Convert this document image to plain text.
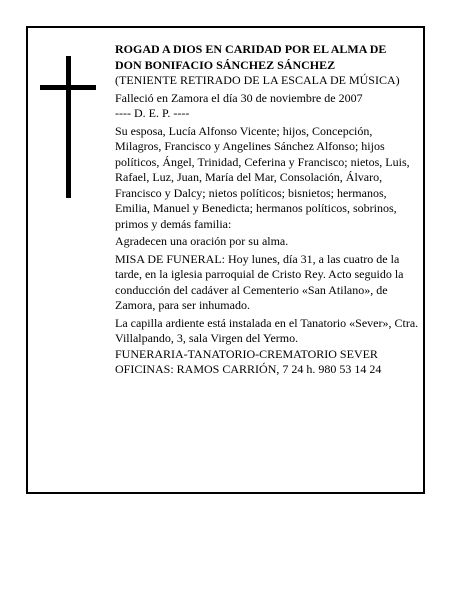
ROGAD A DIOS EN CARIDAD POR EL ALMA DE

DON BONIFACIO SÁNCHEZ SÁNCHEZ

(TENIENTE RETIRADO DE LA ESCALA DE MÚSICA)

Falleció en Zamora el día 30 de noviembre de 2007

---- D. E. P. ----

Su esposa, Lucía Alfonso Vicente; hijos, Concepción, Milagros, Francisco y Angelines Sánchez Alfonso; hijos políticos, Ángel, Trinidad, Ceferina y Francisco; nietos, Luis, Rafael, Luz, Juan, María del Mar, Consolación, Álvaro, Francisco y Dalcy; nietos políticos; bisnietos; hermanos, Emilia, Manuel y Benedicta; hermanos políticos, sobrinos, primos y demás familia:

Agradecen una oración por su alma.

MISA DE FUNERAL: Hoy lunes, día 31, a las cuatro de la tarde, en la iglesia parroquial de Cristo Rey. Acto seguido la conducción del cadáver al Cementerio «San Atilano», de Zamora, para ser inhumado.

La capilla ardiente está instalada en el Tanatorio «Sever», Ctra. Villalpando, 3, sala Virgen del Yermo.

FUNERARIA-TANATORIO-CREMATORIO SEVER

OFICINAS: RAMOS CARRIÓN, 7 24 h. 980 53 14 24
